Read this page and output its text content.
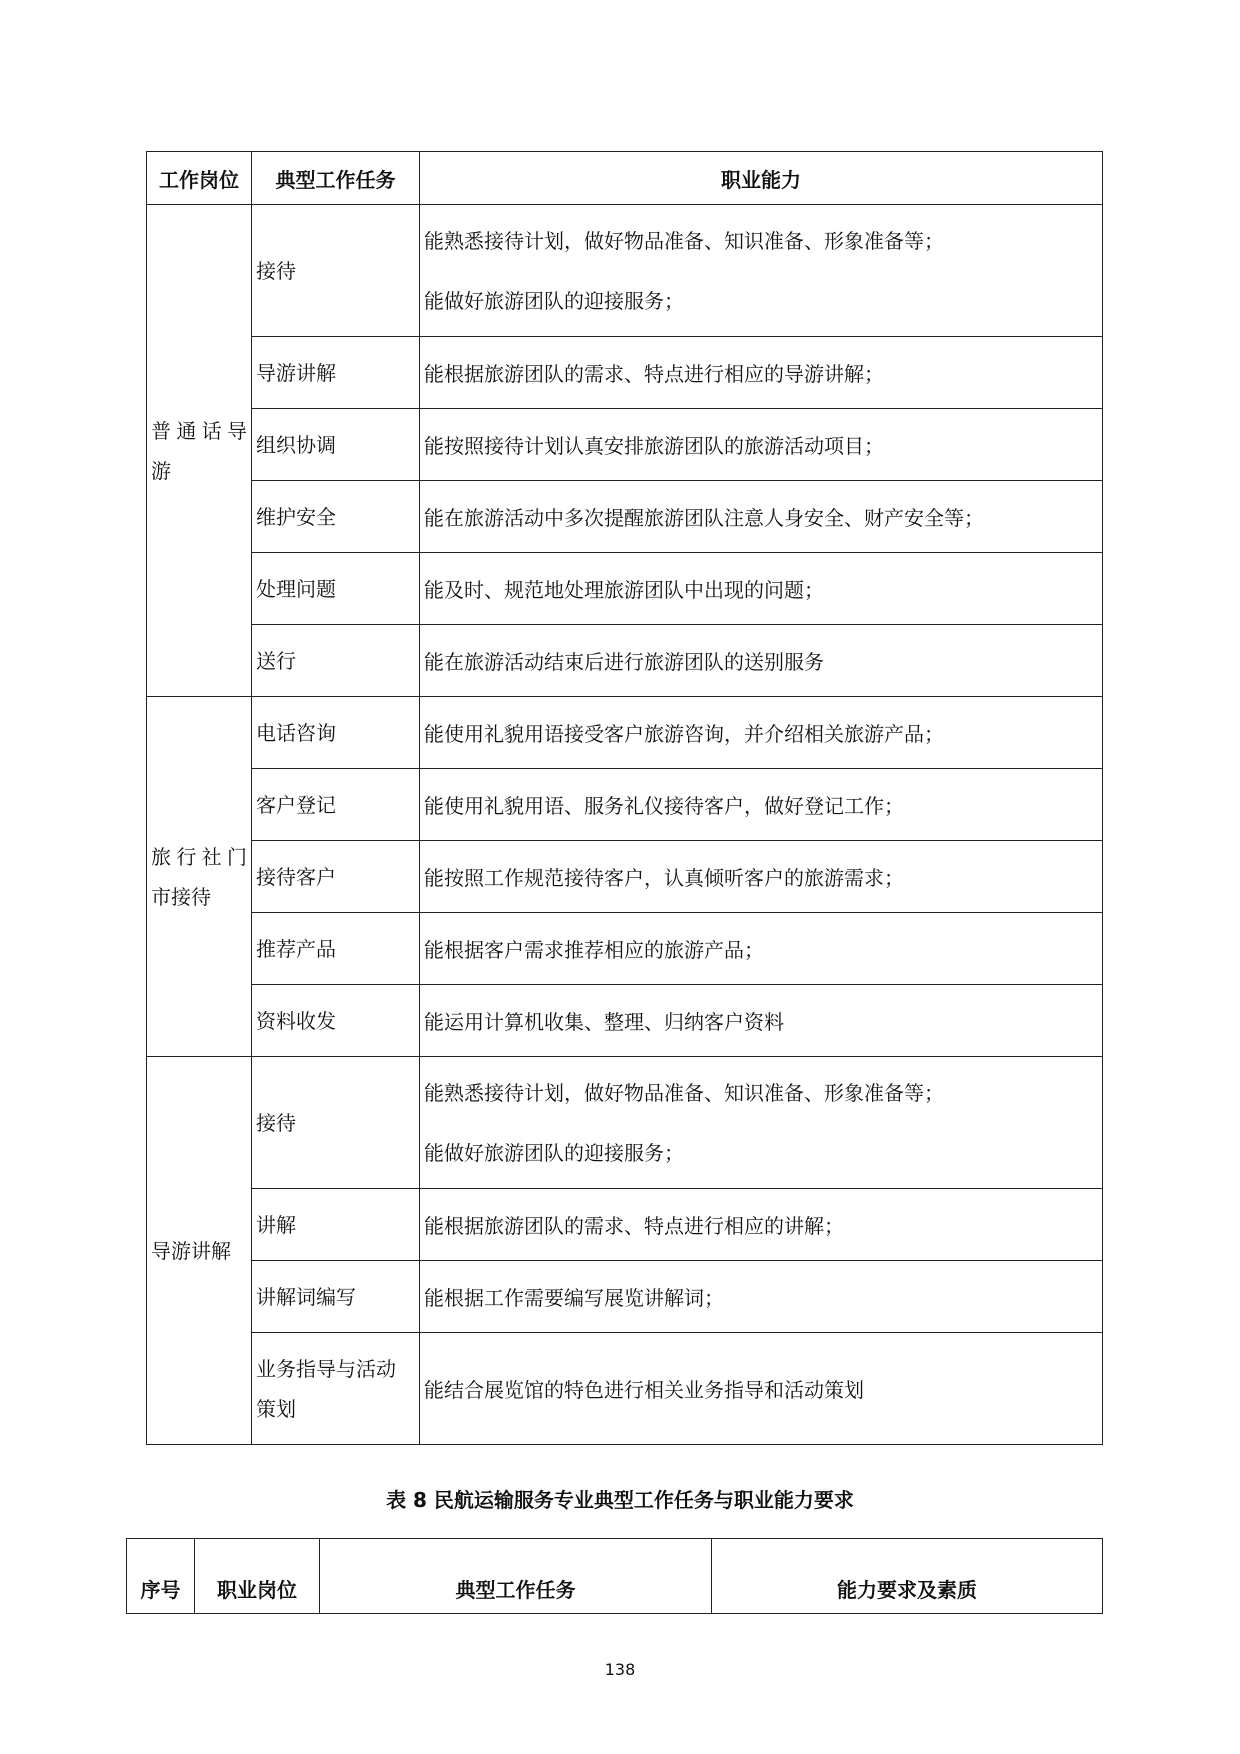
工作岗位	典型工作任务	职业能力
普通话导游	接待	能熟悉接待计划，做好物品准备、知识准备、形象准备等；
能做好旅游团队的迎接服务；

	导游讲解	能根据旅游团队的需求、特点进行相应的导游讲解；
	组织协调	能按照接待计划认真安排旅游团队的旅游活动项目；
	维护安全	能在旅游活动中多次提醒旅游团队注意人身安全、财产安全等；
	处理问题	能及时、规范地处理旅游团队中出现的问题；
	送行	能在旅游活动结束后进行旅游团队的送别服务
旅行社门市接待	电话咨询	能使用礼貌用语接受客户旅游咨询，并介绍相关旅游产品；
	客户登记	能使用礼貌用语、服务礼仪接待客户，做好登记工作；
	接待客户	能按照工作规范接待客户，认真倾听客户的旅游需求；
	推荐产品	能根据客户需求推荐相应的旅游产品；
	资料收发	能运用计算机收集、整理、归纳客户资料
导游讲解	接待	能熟悉接待计划，做好物品准备、知识准备、形象准备等；
能做好旅游团队的迎接服务；

	讲解	能根据旅游团队的需求、特点进行相应的讲解；
	讲解词编写	能根据工作需要编写展览讲解词；
	业务指导与活动策划	能结合展览馆的特色进行相关业务指导和活动策划
表 8 民航运输服务专业典型工作任务与职业能力要求
序号	职业岗位	典型工作任务	能力要求及素质
138
